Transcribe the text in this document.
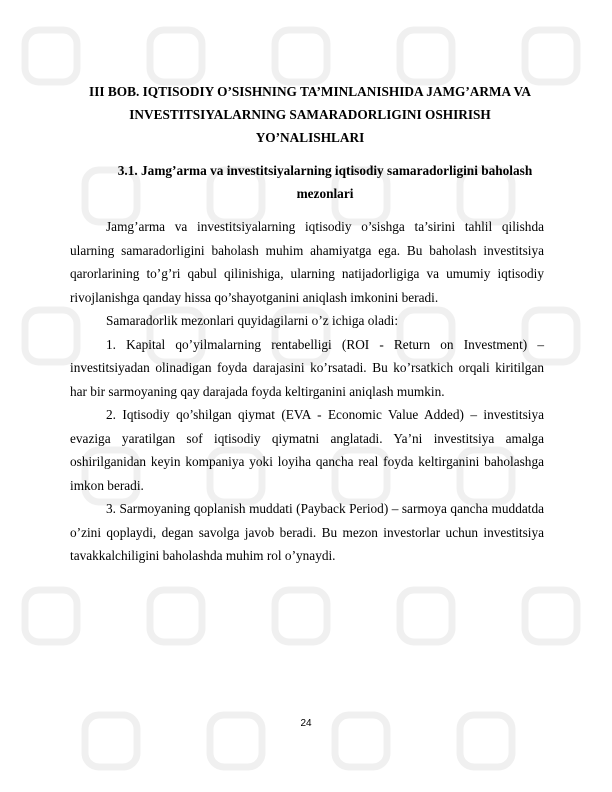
III BOB. IQTISODIY O’SISHNING TA’MINLANISHIDA JAMG’ARMA VA INVESTITSIYALARNING SAMARADORLIGINI OSHIRISH YO’NALISHLARI
3.1. Jamg’arma va investitsiyalarning iqtisodiy samaradorligini baholash mezonlari

Jamg’arma va investitsiyalarning iqtisodiy o’sishga ta’sirini tahlil qilishda ularning samaradorligini baholash muhim ahamiyatga ega. Bu baholash investitsiya qarorlarining to’g’ri qabul qilinishiga, ularning natijadorligiga va umumiy iqtisodiy rivojlanishga qanday hissa qo’shayotganini aniqlash imkonini beradi.

Samaradorlik mezonlari quyidagilarni o’z ichiga oladi:

1. Kapital qo’yilmalarning rentabelligi (ROI - Return on Investment) – investitsiyadan olinadigan foyda darajasini ko’rsatadi. Bu ko’rsatkich orqali kiritilgan har bir sarmoyaning qay darajada foyda keltirganini aniqlash mumkin.

2. Iqtisodiy qo’shilgan qiymat (EVA - Economic Value Added) – investitsiya evaziga yaratilgan sof iqtisodiy qiymatni anglatadi. Ya’ni investitsiya amalga oshirilganidan keyin kompaniya yoki loyiha qancha real foyda keltirganini baholashga imkon beradi.

3. Sarmoyaning qoplanish muddati (Payback Period) – sarmoya qancha muddatda o’zini qoplaydi, degan savolga javob beradi. Bu mezon investorlar uchun investitsiya tavakkalchiligini baholashda muhim rol o’ynaydi.

24
